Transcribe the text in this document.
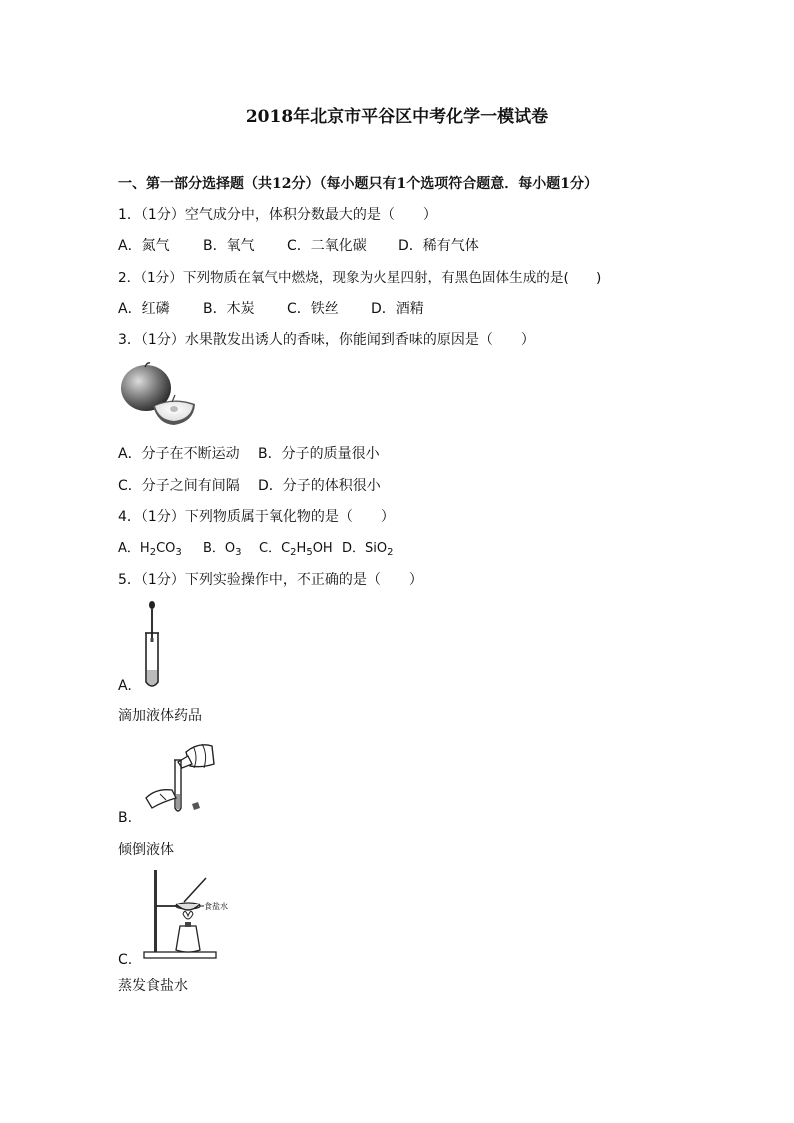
2018年北京市平谷区中考化学一模试卷
一、第一部分选择题（共12分）（每小题只有1个选项符合题意．每小题1分）
1．（1分）空气成分中，体积分数最大的是（　　）
A．氮气 B．氧气 C．二氧化碳 D．稀有气体
2．（1分）下列物质在氧气中燃烧，现象为火星四射，有黑色固体生成的是(　　)
A．红磷 B．木炭 C．铁丝 D．酒精
3．（1分）水果散发出诱人的香味，你能闻到香味的原因是（　　）
A．分子在不断运动 B．分子的质量很小
C．分子之间有间隔 D．分子的体积很小
4．（1分）下列物质属于氧化物的是（　　）
A．$H_2CO_3$ B．$O_3$ C．$C_2H_5OH$ D．SiO$_2$
5．（1分）下列实验操作中，不正确的是（　　）
A.
滴加液体药品
B.
倾倒液体
食盐水
C.
蒸发食盐水
